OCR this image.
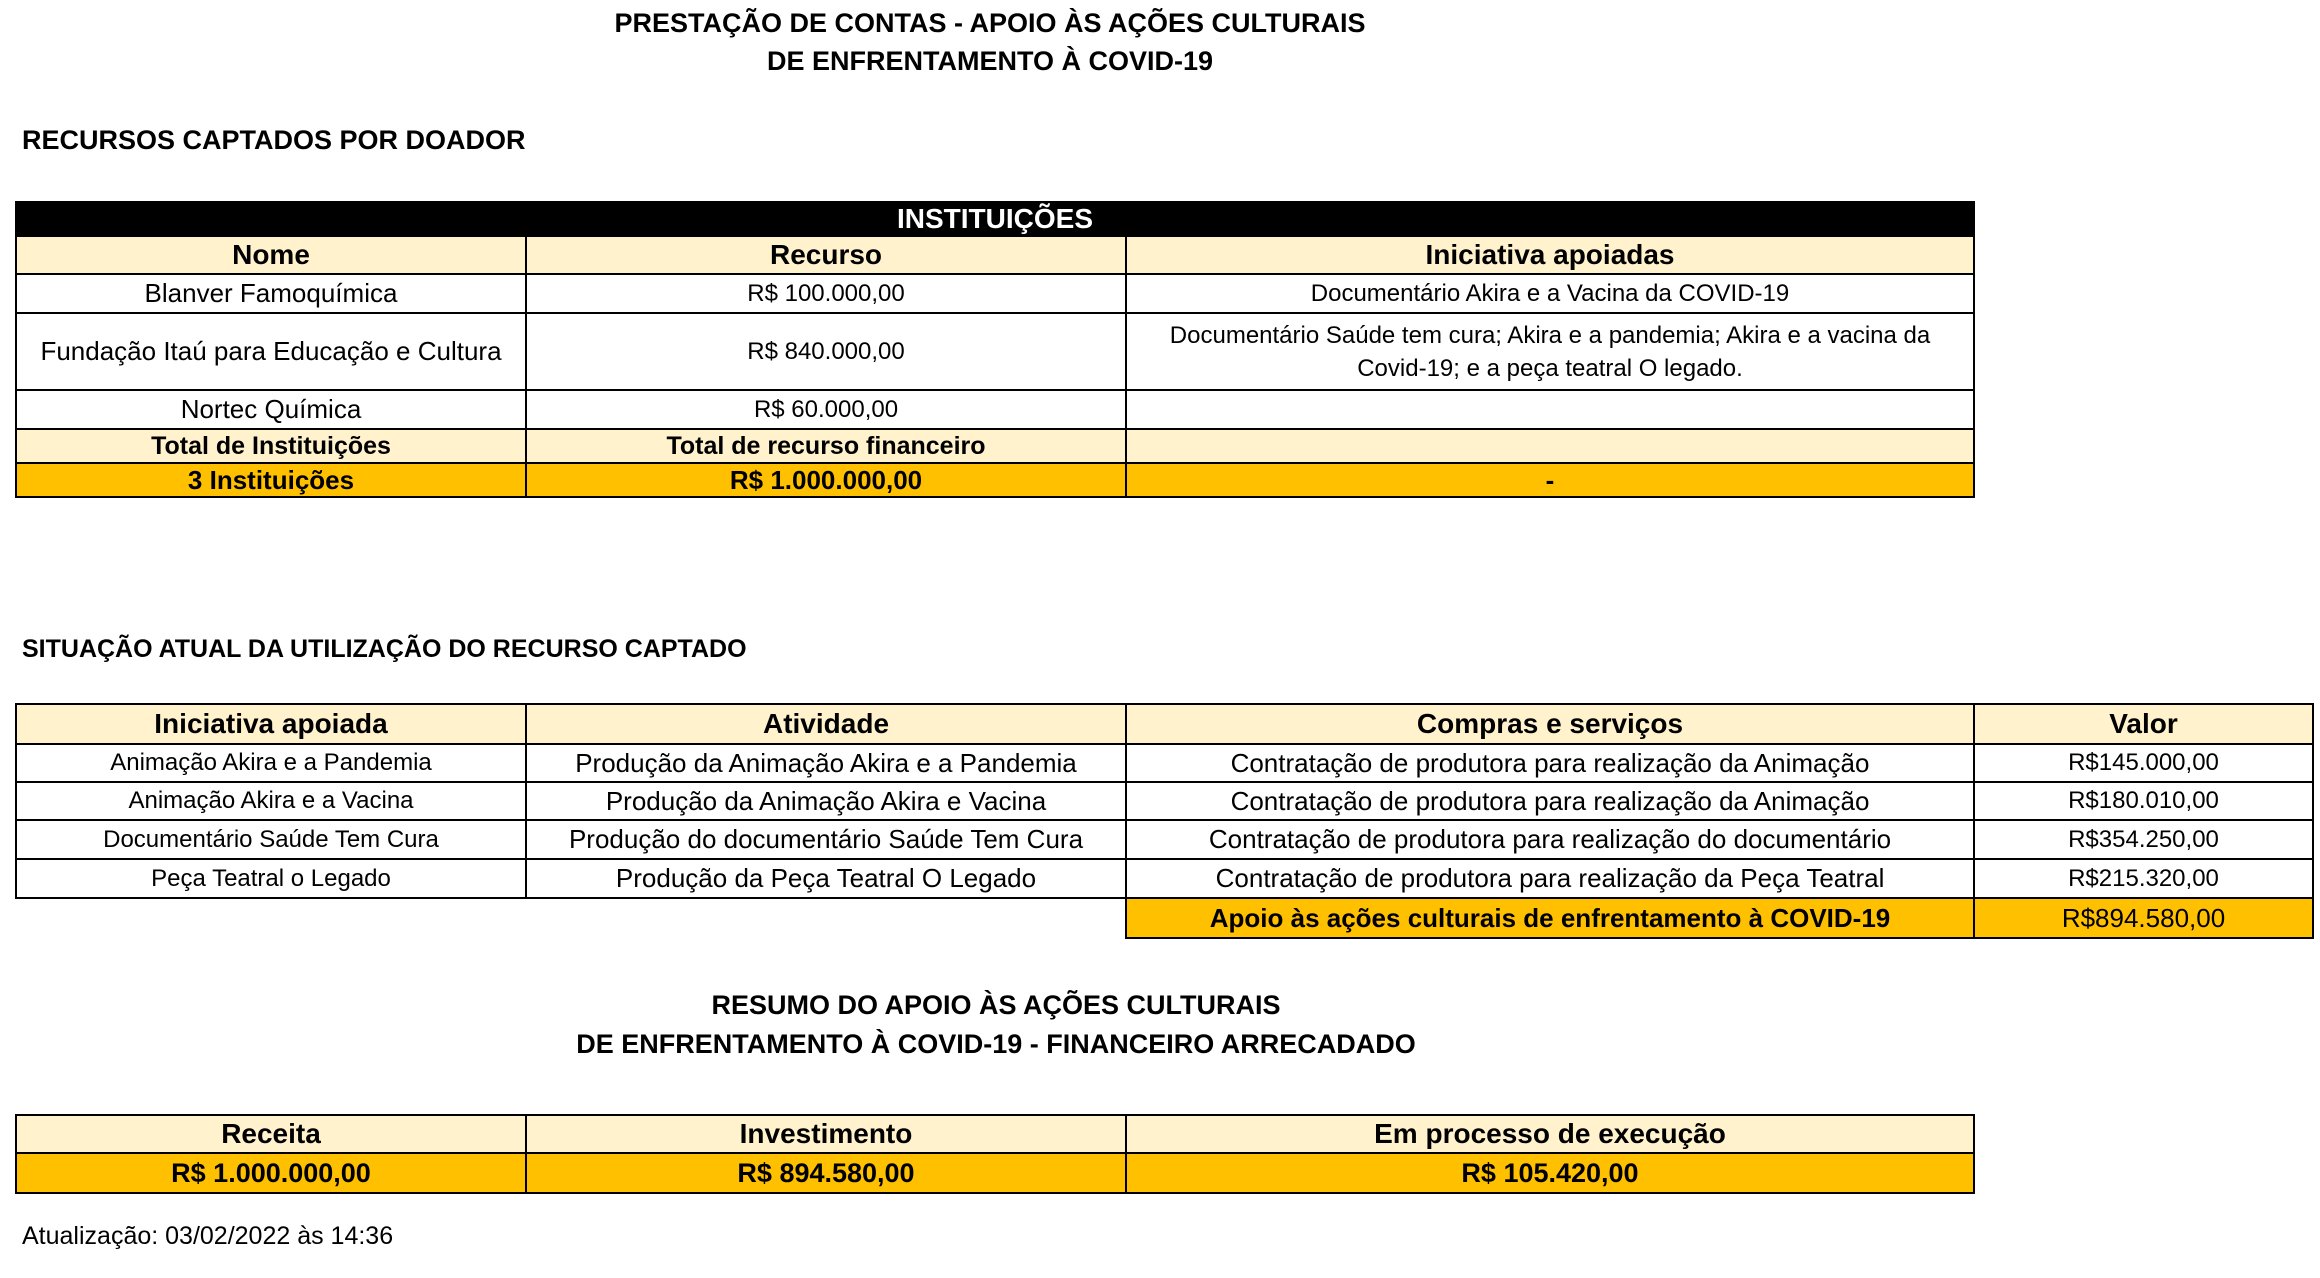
PRESTAÇÃO DE CONTAS - APOIO ÀS AÇÕES CULTURAIS
DE ENFRENTAMENTO À COVID-19
RECURSOS CAPTADOS POR DOADOR
INSTITUIÇÕES		
Nome	Recurso	Iniciativa apoiadas
Blanver Famoquímica	R$ 100.000,00	Documentário Akira e a Vacina da COVID-19
Fundação Itaú para Educação e Cultura	R$ 840.000,00	Documentário Saúde tem cura; Akira e a pandemia; Akira e a vacina da Covid-19; e a peça teatral O legado.
Nortec Química	R$ 60.000,00	
Total de Instituições	Total de recurso financeiro	
3 Instituições	R$ 1.000.000,00	-
SITUAÇÃO ATUAL DA UTILIZAÇÃO DO RECURSO CAPTADO
Iniciativa apoiada	Atividade	Compras e serviços	Valor
Animação Akira e a Pandemia	Produção da Animação Akira e a Pandemia	Contratação de produtora para realização da Animação	R$145.000,00
Animação Akira e a Vacina	Produção da Animação Akira e Vacina	Contratação de produtora para realização da Animação	R$180.010,00
Documentário Saúde Tem Cura	Produção do documentário Saúde Tem Cura	Contratação de produtora para realização do documentário	R$354.250,00
Peça Teatral o Legado	Produção da Peça Teatral O Legado	Contratação de produtora para realização da Peça Teatral	R$215.320,00
		Apoio às ações culturais de enfrentamento à COVID-19	R$894.580,00
RESUMO DO APOIO ÀS AÇÕES CULTURAIS
DE ENFRENTAMENTO À COVID-19 - FINANCEIRO ARRECADADO
Receita	Investimento	Em processo de execução
R$ 1.000.000,00	R$ 894.580,00	R$ 105.420,00
Atualização: 03/02/2022 às 14:36
